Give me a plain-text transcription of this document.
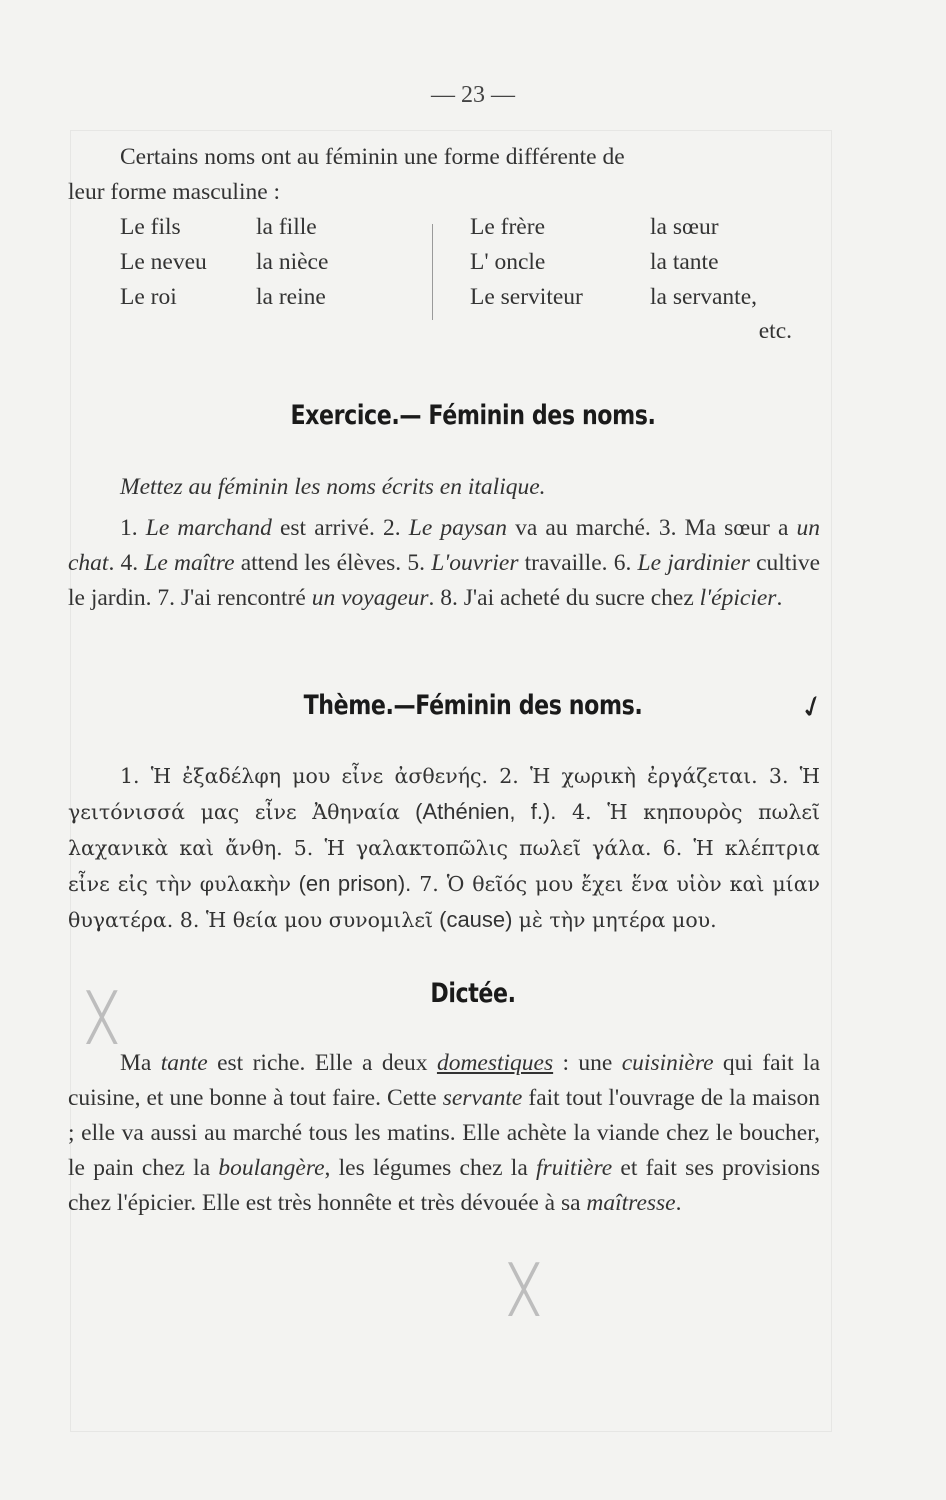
— 23 —

Certains noms ont au féminin une forme différente de

leur forme masculine :

Le fils	la fille	Le frère	la sœur
Le neveu la nièce	L' oncle	la tante
Le roi	la reine	Le serviteur	la servante,
etc.
Exercice.— Féminin des noms.

Mettez au féminin les noms écrits en italique.

1. Le marchand est arrivé. 2. Le paysan va au marché. 3. Ma sœur a un chat. 4. Le maître attend les élèves. 5. L'ouvrier travaille. 6. Le jardinier cultive le jardin. 7. J'ai rencontré un voyageur. 8. J'ai acheté du sucre chez l'épicier.

Thème.—Féminin des noms.	✓

1. Ἡ ἐξαδέλφη μου εἶνε ἀσθενής. 2. Ἡ χωρικὴ ἐργάζεται. 3. Ἡ γειτόνισσά μας εἶνε Ἀθηναία (Athénien, f.). 4. Ἡ κηπουρὸς πωλεῖ λαχανικὰ καὶ ἄνθη. 5. Ἡ γαλακτοπῶλις πωλεῖ γάλα. 6. Ἡ κλέπτρια εἶνε εἰς τὴν φυλακὴν (en prison). 7. Ὁ θεῖός μου ἔχει ἕνα υἱὸν καὶ μίαν θυγατέρα. 8. Ἡ θεία μου συνομιλεῖ (cause) μὲ τὴν μητέρα μου.

Dictée.
╳
╳

Ma tante est riche. Elle a deux domestiques : une cuisinière qui fait la cuisine, et une bonne à tout faire. Cette servante fait tout l'ouvrage de la maison ; elle va aussi au marché tous les matins. Elle achète la viande chez le boucher, le pain chez la boulangère, les légumes chez la fruitière et fait ses provisions chez l'épicier. Elle est très honnête et très dévouée à sa maîtresse.
